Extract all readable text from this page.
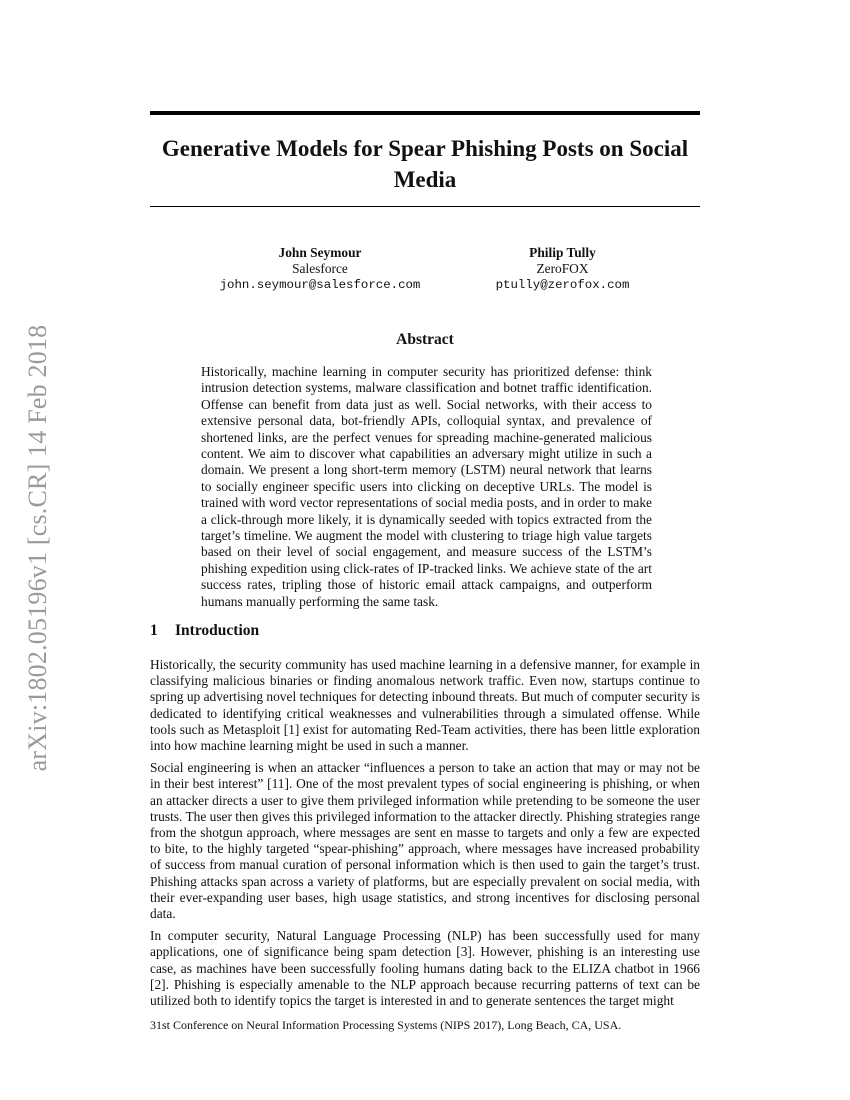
arXiv:1802.05196v1 [cs.CR] 14 Feb 2018
Generative Models for Spear Phishing Posts on Social Media
John Seymour
Salesforce
john.seymour@salesforce.com
Philip Tully
ZeroFOX
ptully@zerofox.com
Abstract
Historically, machine learning in computer security has prioritized defense: think intrusion detection systems, malware classification and botnet traffic identification. Offense can benefit from data just as well. Social networks, with their access to extensive personal data, bot-friendly APIs, colloquial syntax, and prevalence of shortened links, are the perfect venues for spreading machine-generated malicious content. We aim to discover what capabilities an adversary might utilize in such a domain. We present a long short-term memory (LSTM) neural network that learns to socially engineer specific users into clicking on deceptive URLs. The model is trained with word vector representations of social media posts, and in order to make a click-through more likely, it is dynamically seeded with topics extracted from the target’s timeline. We augment the model with clustering to triage high value targets based on their level of social engagement, and measure success of the LSTM’s phishing expedition using click-rates of IP-tracked links. We achieve state of the art success rates, tripling those of historic email attack campaigns, and outperform humans manually performing the same task.
1 Introduction

Historically, the security community has used machine learning in a defensive manner, for example in classifying malicious binaries or finding anomalous network traffic. Even now, startups continue to spring up advertising novel techniques for detecting inbound threats. But much of computer security is dedicated to identifying critical weaknesses and vulnerabilities through a simulated offense. While tools such as Metasploit [1] exist for automating Red-Team activities, there has been little exploration into how machine learning might be used in such a manner.

Social engineering is when an attacker “influences a person to take an action that may or may not be in their best interest” [11]. One of the most prevalent types of social engineering is phishing, or when an attacker directs a user to give them privileged information while pretending to be someone the user trusts. The user then gives this privileged information to the attacker directly. Phishing strategies range from the shotgun approach, where messages are sent en masse to targets and only a few are expected to bite, to the highly targeted “spear-phishing” approach, where messages have increased probability of success from manual curation of personal information which is then used to gain the target’s trust. Phishing attacks span across a variety of platforms, but are especially prevalent on social media, with their ever-expanding user bases, high usage statistics, and strong incentives for disclosing personal data.

In computer security, Natural Language Processing (NLP) has been successfully used for many applications, one of significance being spam detection [3]. However, phishing is an interesting use case, as machines have been successfully fooling humans dating back to the ELIZA chatbot in 1966 [2]. Phishing is especially amenable to the NLP approach because recurring patterns of text can be utilized both to identify topics the target is interested in and to generate sentences the target might

31st Conference on Neural Information Processing Systems (NIPS 2017), Long Beach, CA, USA.
